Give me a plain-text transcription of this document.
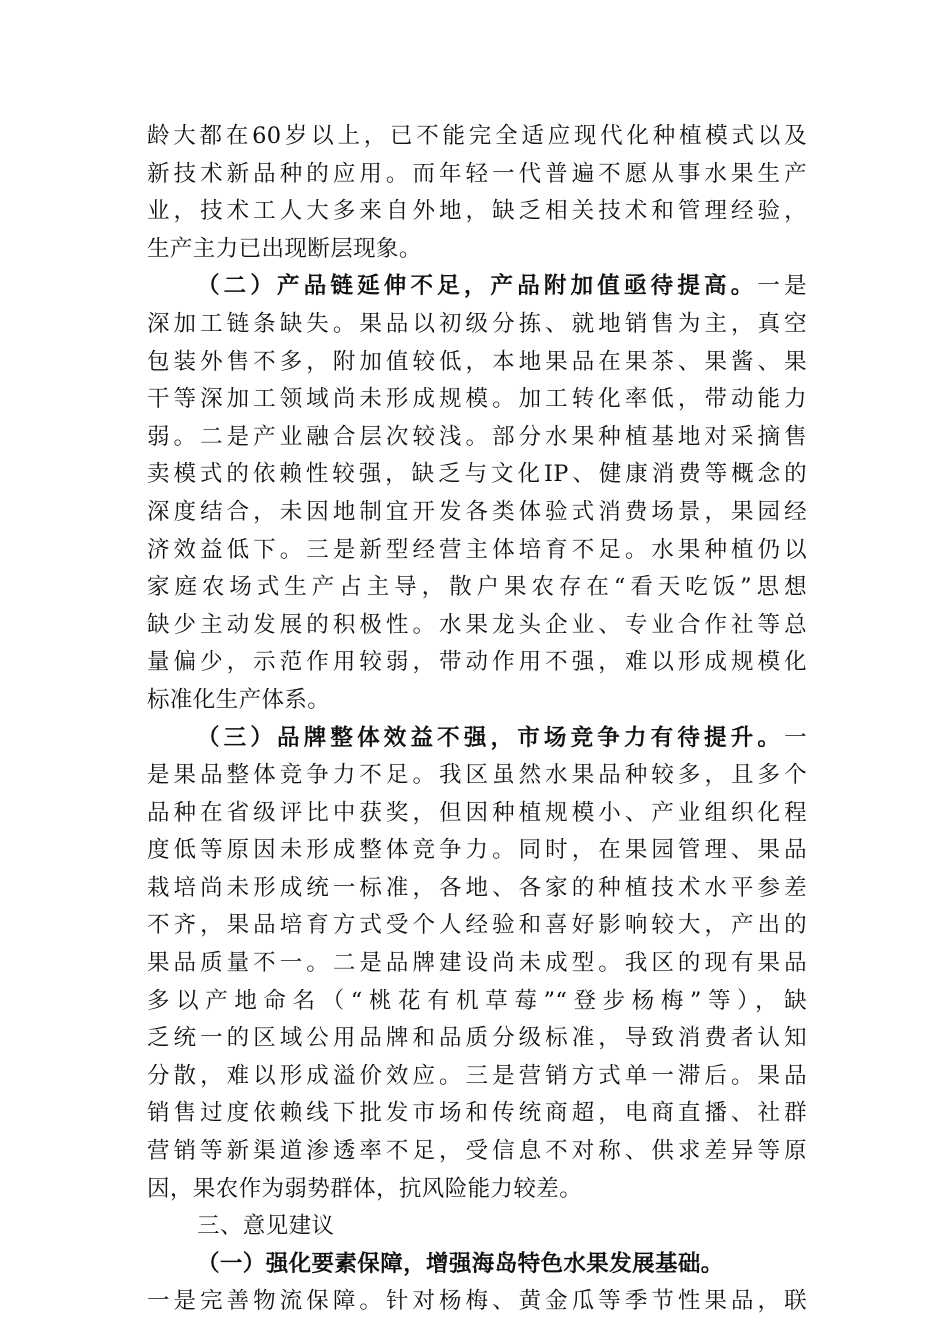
龄大都在60岁以上，已不能完全适应现代化种植模式以及
新技术新品种的应用。而年轻一代普遍不愿从事水果生产
业，技术工人大多来自外地，缺乏相关技术和管理经验，
生产主力已出现断层现象。
（二）产品链延伸不足，产品附加值亟待提高。一是
深加工链条缺失。果品以初级分拣、就地销售为主，真空
包装外售不多，附加值较低，本地果品在果茶、果酱、果
干等深加工领域尚未形成规模。加工转化率低，带动能力
弱。二是产业融合层次较浅。部分水果种植基地对采摘售
卖模式的依赖性较强，缺乏与文化IP、健康消费等概念的
深度结合，未因地制宜开发各类体验式消费场景，果园经
济效益低下。三是新型经营主体培育不足。水果种植仍以
家庭农场式生产占主导，散户果农存在“看天吃饭”思想
缺少主动发展的积极性。水果龙头企业、专业合作社等总
量偏少，示范作用较弱，带动作用不强，难以形成规模化
标准化生产体系。
（三）品牌整体效益不强，市场竞争力有待提升。一
是果品整体竞争力不足。我区虽然水果品种较多，且多个
品种在省级评比中获奖，但因种植规模小、产业组织化程
度低等原因未形成整体竞争力。同时，在果园管理、果品
栽培尚未形成统一标准，各地、各家的种植技术水平参差
不齐，果品培育方式受个人经验和喜好影响较大，产出的
果品质量不一。二是品牌建设尚未成型。我区的现有果品
多以产地命名（“桃花有机草莓”“登步杨梅”等），缺
乏统一的区域公用品牌和品质分级标准，导致消费者认知
分散，难以形成溢价效应。三是营销方式单一滞后。果品
销售过度依赖线下批发市场和传统商超，电商直播、社群
营销等新渠道渗透率不足，受信息不对称、供求差异等原
因，果农作为弱势群体，抗风险能力较差。
三、意见建议
（一）强化要素保障，增强海岛特色水果发展基础。
一是完善物流保障。针对杨梅、黄金瓜等季节性果品，联
